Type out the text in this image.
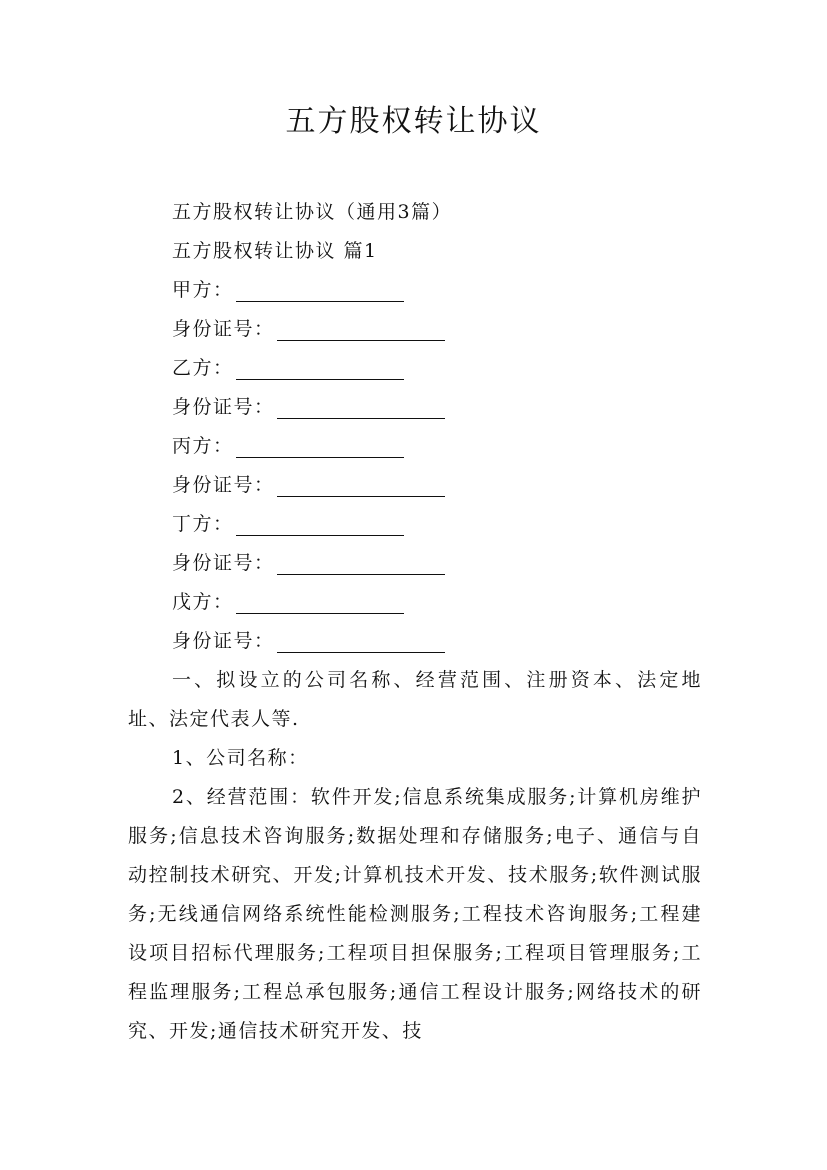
五方股权转让协议

五方股权转让协议（通用3篇）

五方股权转让协议 篇1

甲方：

身份证号：

乙方：

身份证号：

丙方：

身份证号：

丁方：

身份证号：

戊方：

身份证号：

一、拟设立的公司名称、经营范围、注册资本、法定地址、法定代表人等.

1、公司名称：

2、经营范围：软件开发;信息系统集成服务;计算机房维护服务;信息技术咨询服务;数据处理和存储服务;电子、通信与自动控制技术研究、开发;计算机技术开发、技术服务;软件测试服务;无线通信网络系统性能检测服务;工程技术咨询服务;工程建设项目招标代理服务;工程项目担保服务;工程项目管理服务;工程监理服务;工程总承包服务;通信工程设计服务;网络技术的研究、开发;通信技术研究开发、技
